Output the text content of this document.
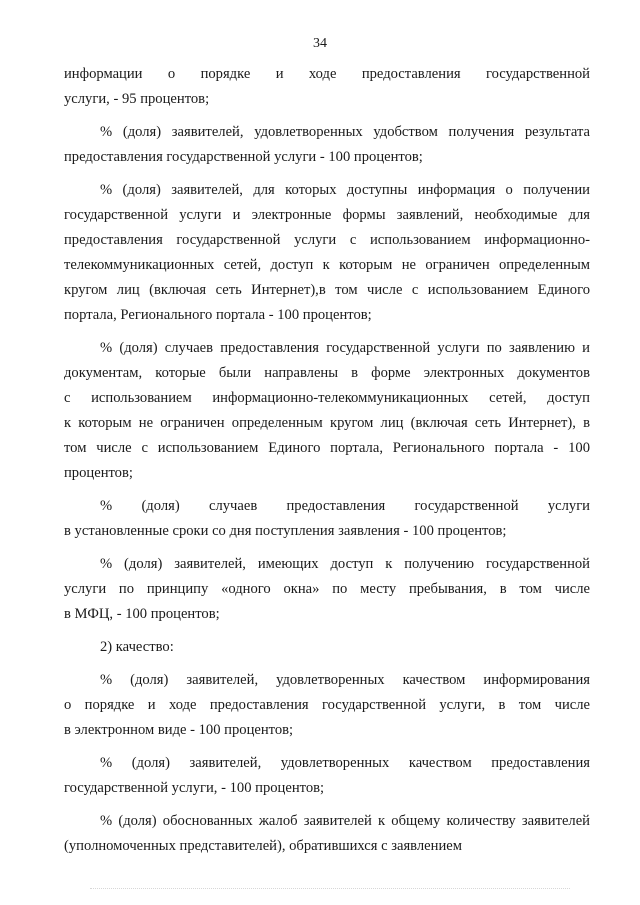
34
информации о порядке и ходе предоставления государственной
услуги, - 95 процентов;
% (доля) заявителей, удовлетворенных удобством получения результата
предоставления государственной услуги - 100 процентов;
% (доля) заявителей, для которых доступны информация о получении
государственной услуги и электронные формы заявлений, необходимые для
предоставления государственной услуги с использованием информационно-
телекоммуникационных сетей, доступ к которым не ограничен определенным
кругом лиц (включая сеть Интернет),в том числе с использованием Единого
портала, Регионального портала - 100 процентов;
% (доля) случаев предоставления государственной услуги по заявлению и
документам, которые были направлены в форме электронных документов
с использованием информационно-телекоммуникационных сетей, доступ
к которым не ограничен определенным кругом лиц (включая сеть Интернет), в
том числе с использованием Единого портала, Регионального портала - 100
процентов;
% (доля) случаев предоставления государственной услуги
в установленные сроки со дня поступления заявления - 100 процентов;
% (доля) заявителей, имеющих доступ к получению государственной
услуги по принципу «одного окна» по месту пребывания, в том числе
в МФЦ, - 100 процентов;
2) качество:
% (доля) заявителей, удовлетворенных качеством информирования
о порядке и ходе предоставления государственной услуги, в том числе
в электронном виде - 100 процентов;
% (доля) заявителей, удовлетворенных качеством предоставления
государственной услуги, - 100 процентов;
% (доля) обоснованных жалоб заявителей к общему количеству заявителей
(уполномоченных представителей), обратившихся с заявлением
